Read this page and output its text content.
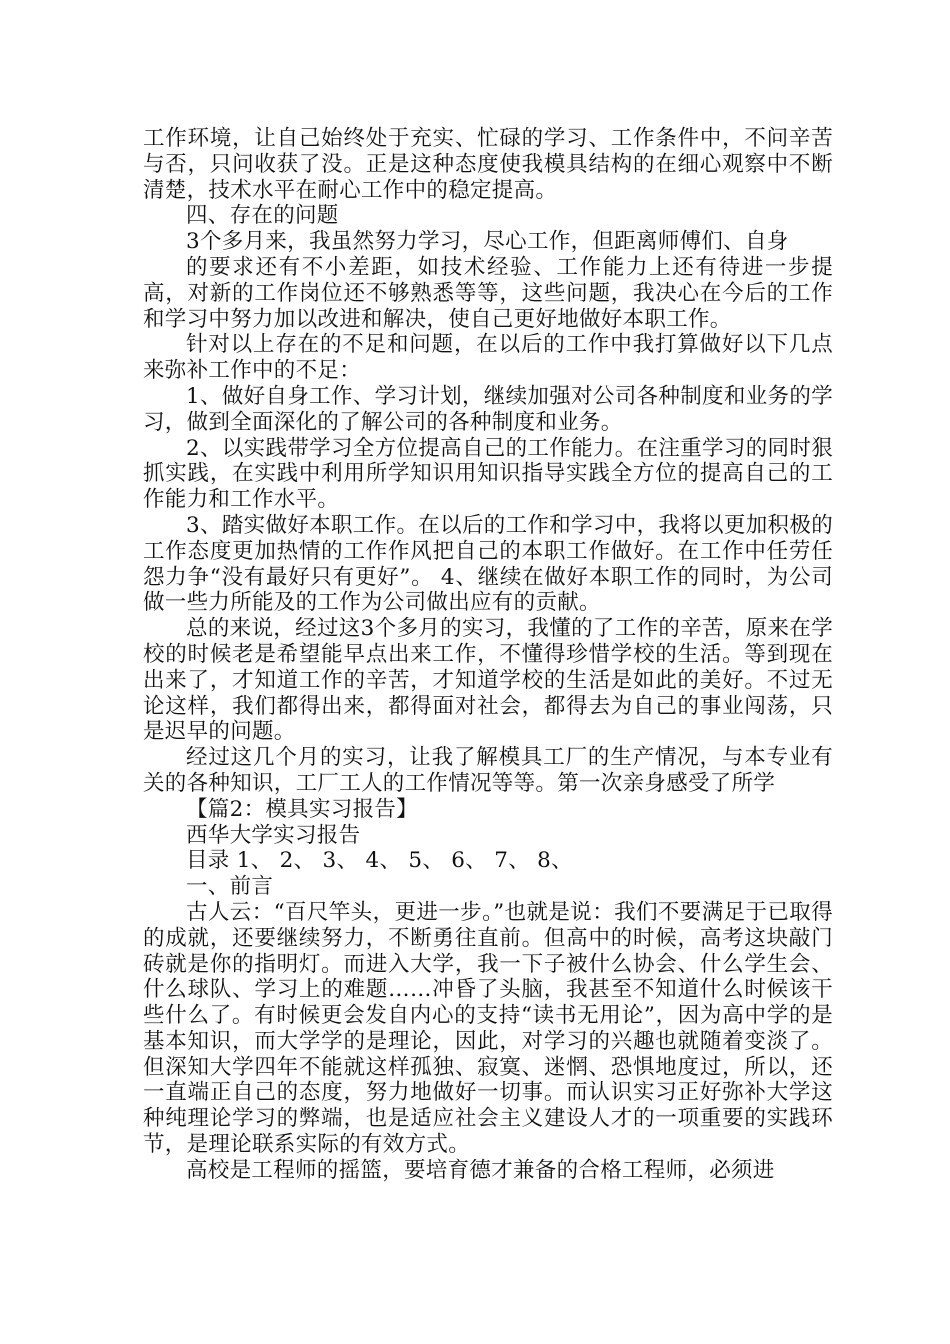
工作环境，让自己始终处于充实、忙碌的学习、工作条件中，不问辛苦与否，只问收获了没。正是这种态度使我模具结构的在细心观察中不断清楚，技术水平在耐心工作中的稳定提高。

四、存在的问题

3个多月来，我虽然努力学习，尽心工作，但距离师傅们、自身

的要求还有不小差距，如技术经验、工作能力上还有待进一步提高，对新的工作岗位还不够熟悉等等，这些问题，我决心在今后的工作和学习中努力加以改进和解决，使自己更好地做好本职工作。

针对以上存在的不足和问题，在以后的工作中我打算做好以下几点来弥补工作中的不足：

1、做好自身工作、学习计划，继续加强对公司各种制度和业务的学习，做到全面深化的了解公司的各种制度和业务。

2、以实践带学习全方位提高自己的工作能力。在注重学习的同时狠抓实践，在实践中利用所学知识用知识指导实践全方位的提高自己的工作能力和工作水平。

3、踏实做好本职工作。在以后的工作和学习中，我将以更加积极的工作态度更加热情的工作作风把自己的本职工作做好。在工作中任劳任怨力争“没有最好只有更好”。 4、继续在做好本职工作的同时，为公司做一些力所能及的工作为公司做出应有的贡献。

总的来说，经过这3个多月的实习，我懂的了工作的辛苦，原来在学校的时候老是希望能早点出来工作，不懂得珍惜学校的生活。等到现在出来了，才知道工作的辛苦，才知道学校的生活是如此的美好。不过无论这样，我们都得出来，都得面对社会，都得去为自己的事业闯荡，只是迟早的问题。

经过这几个月的实习，让我了解模具工厂的生产情况，与本专业有关的各种知识，工厂工人的工作情况等等。第一次亲身感受了所学

【篇2：模具实习报告】

西华大学实习报告

目录 1、 2、 3、 4、 5、 6、 7、 8、

一、前言

古人云：“百尺竿头，更进一步。”也就是说：我们不要满足于已取得的成就，还要继续努力，不断勇往直前。但高中的时候，高考这块敲门砖就是你的指明灯。而进入大学，我一下子被什么协会、什么学生会、什么球队、学习上的难题……冲昏了头脑，我甚至不知道什么时候该干些什么了。有时候更会发自内心的支持“读书无用论”，因为高中学的是基本知识，而大学学的是理论，因此，对学习的兴趣也就随着变淡了。但深知大学四年不能就这样孤独、寂寞、迷惘、恐惧地度过，所以，还一直端正自己的态度，努力地做好一切事。而认识实习正好弥补大学这种纯理论学习的弊端，也是适应社会主义建设人才的一项重要的实践环节，是理论联系实际的有效方式。

高校是工程师的摇篮，要培育德才兼备的合格工程师，必须进
